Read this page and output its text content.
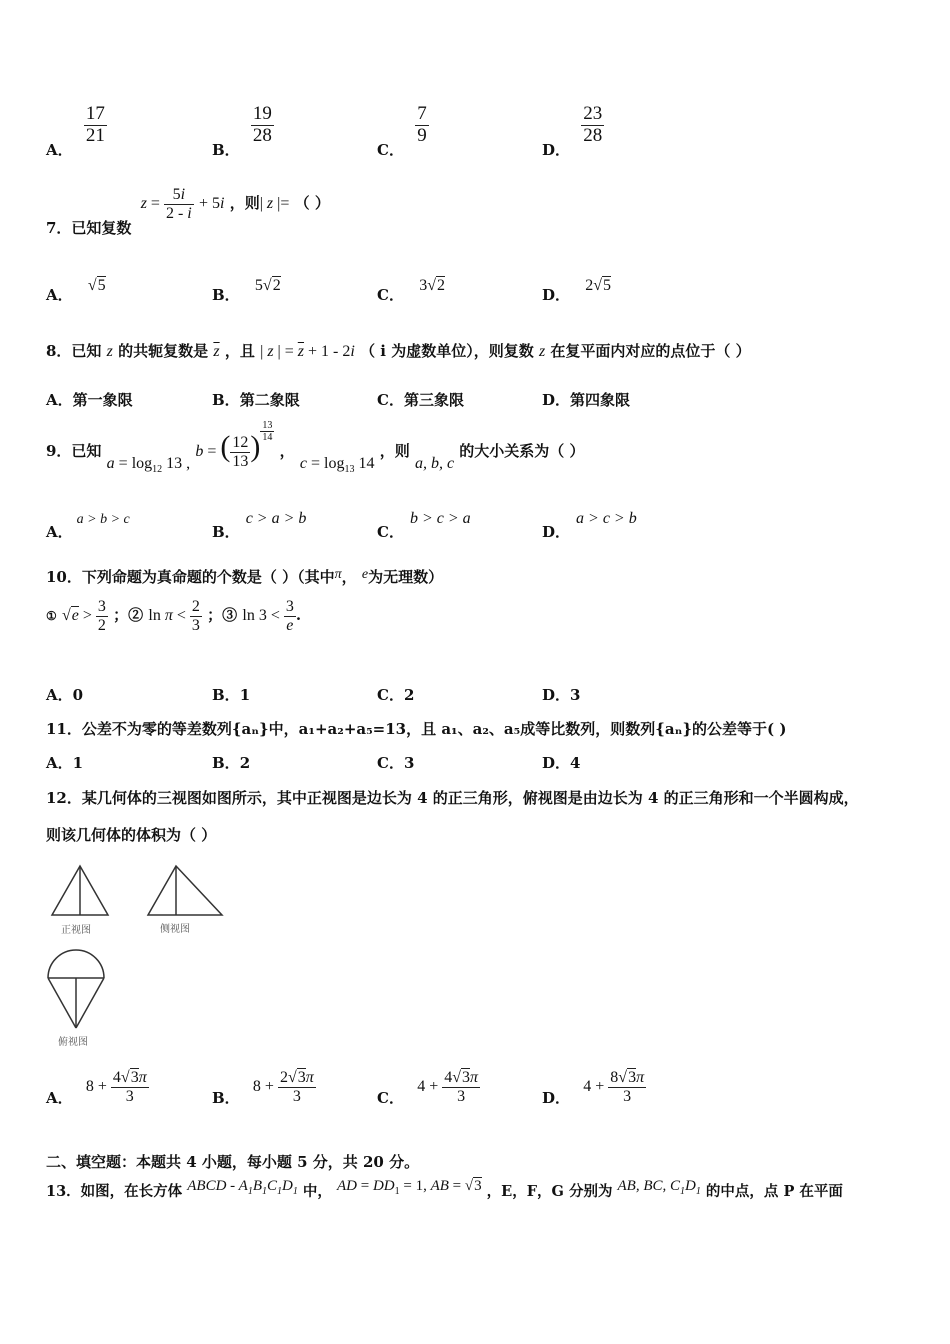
A．
$\frac{17}{21}$
B．
$\frac{19}{28}$
C．
$\frac{7}{9}$
D．
$\frac{23}{28}$
7．已知复数 $z = \frac{5i}{2 - i} + 5i$ ，则| z |= （ ）
A． √5
B． 5√2
C． 3√2
D． 2√5
8．已知 z 的共轭复数是 $\overline{z}$ ，且 | z | = $\overline{z} + 1 - 2i$ （ i 为虚数单位），则复数 z 在复平面内对应的点位于（ ）
A．第一象限	B．第二象限	C．第三象限	D．第四象限
9．已知 $a = \log_{12} 13$ , b = ( $\frac{12}{13}$ ) $^{\frac{13}{14}}$
， $c = \log_{13} 14$ ，则 a, b, c 的大小关系为（ ）
A．a > b > c
B．c > a > b
C．b > c > a
D．a > c > b
10．下列命题为真命题的个数是（ ）（其中π， e为无理数）
① $√e > \frac{3}{2}$ ；② $\ln \pi < \frac{2}{3}$ ；③ $\ln 3 < \frac{3}{e}$ .
A．0	B．1	C．2	D．3
11．公差不为零的等差数列{aₙ}中，a₁+a₂+a₅=13，且 a₁、a₂、a₅成等比数列，则数列{aₙ}的公差等于( )
A．1	B．2	C．3	D．4
12．某几何体的三视图如图所示，其中正视图是边长为 4 的正三角形，俯视图是由边长为 4 的正三角形和一个半圆构成，
则该几何体的体积为（ ）
正视图	侧视图
俯视图
A． $8 + \frac{4√3\pi}{3}$	B． $8 + \frac{2√3\pi}{3}$	C． $4 + \frac{4√3\pi}{3}$	D． $4 + \frac{8√3\pi}{3}$
二、填空题：本题共 4 小题，每小题 5 分，共 20 分。
13．如图，在长方体 ABCD - $A_1B_1C_1D_1$ 中， AD = $DD_1 = 1$, AB = √3 ，E，F，G 分别为 AB, BC, $C_1D_1$ 的中点，点 P 在平面
